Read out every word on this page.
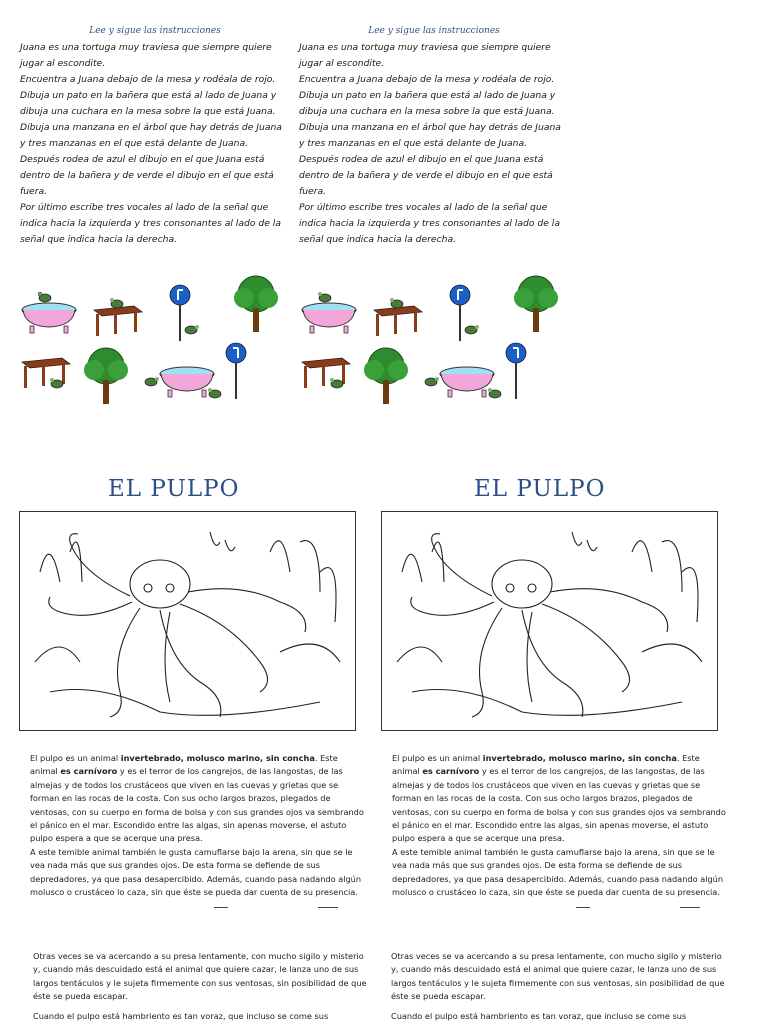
Lee y sigue las instrucciones

Juana es una tortuga muy traviesa que siempre quiere jugar al escondite.

Encuentra a Juana debajo de la mesa y rodéala de rojo. Dibuja un pato en la bañera que está al lado de Juana y dibuja una cuchara en la mesa sobre la que está Juana.

Dibuja una manzana en el árbol que hay detrás de Juana y tres manzanas en el que está delante de Juana.

Después rodea de azul el dibujo en el que Juana está dentro de la bañera y de verde el dibujo en el que está fuera.

Por último escribe tres vocales al lado de la señal que indica hacia la izquierda y tres consonantes al lado de la señal que indica hacia la derecha.

Lee y sigue las instrucciones

Juana es una tortuga muy traviesa que siempre quiere jugar al escondite.

Encuentra a Juana debajo de la mesa y rodéala de rojo. Dibuja un pato en la bañera que está al lado de Juana y dibuja una cuchara en la mesa sobre la que está Juana.

Dibuja una manzana en el árbol que hay detrás de Juana y tres manzanas en el que está delante de Juana.

Después rodea de azul el dibujo en el que Juana está dentro de la bañera y de verde el dibujo en el que está fuera.

Por último escribe tres vocales al lado de la señal que indica hacia la izquierda y tres consonantes al lado de la señal que indica hacia la derecha.

EL PULPO	EL PULPO

El pulpo es un animal invertebrado, molusco marino, sin concha. Este animal es carnívoro y es el terror de los cangrejos, de las langostas, de las almejas y de todos los crustáceos que viven en las cuevas y grietas que se forman en las rocas de la costa. Con sus ocho largos brazos, plegados de ventosas, con su cuerpo en forma de bolsa y con sus grandes ojos va sembrando el pánico en el mar. Escondido entre las algas, sin apenas moverse, el astuto pulpo espera a que se acerque una presa.

A este temible animal también le gusta camuflarse bajo la arena, sin que se le vea nada más que sus grandes ojos. De esta forma se defiende de sus depredadores, ya que pasa desapercibido. Además, cuando pasa nadando algún molusco o crustáceo lo caza, sin que éste se pueda dar cuenta de su presencia.

Otras veces se va acercando a su presa lentamente, con mucho sigilo y misterio y, cuando más descuidado está el animal que quiere cazar, le lanza uno de sus largos tentáculos y le sujeta firmemente con sus ventosas, sin posibilidad de que éste se pueda escapar.

Cuando el pulpo está hambriento es tan voraz, que incluso se come sus

El pulpo es un animal invertebrado, molusco marino, sin concha. Este animal es carnívoro y es el terror de los cangrejos, de las langostas, de las almejas y de todos los crustáceos que viven en las cuevas y grietas que se forman en las rocas de la costa. Con sus ocho largos brazos, plegados de ventosas, con su cuerpo en forma de bolsa y con sus grandes ojos va sembrando el pánico en el mar. Escondido entre las algas, sin apenas moverse, el astuto pulpo espera a que se acerque una presa.

A este temible animal también le gusta camuflarse bajo la arena, sin que se le vea nada más que sus grandes ojos. De esta forma se defiende de sus depredadores, ya que pasa desapercibido. Además, cuando pasa nadando algún molusco o crustáceo lo caza, sin que éste se pueda dar cuenta de su presencia.

Otras veces se va acercando a su presa lentamente, con mucho sigilo y misterio y, cuando más descuidado está el animal que quiere cazar, le lanza uno de sus largos tentáculos y le sujeta firmemente con sus ventosas, sin posibilidad de que éste se pueda escapar.

Cuando el pulpo está hambriento es tan voraz, que incluso se come sus
